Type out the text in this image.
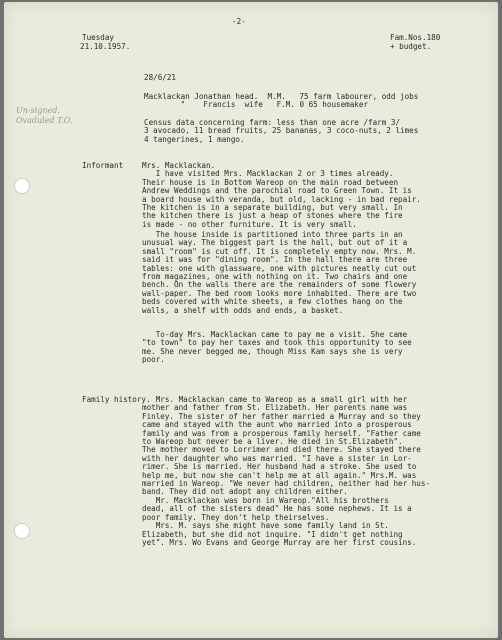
Tuesday

21.10.1957.

-2-

Fam.Nos.180

+ budget.

28/6/21

Un-signed.
Ovaduled T.O.

Macklackan Jonathan head.  M.M.   75 farm labourer, odd jobs
"    Francis  wife   F.M. 0 65 housemaker

Census data concerning farm: less than one acre /farm 3/
3 avocado, 11 bread fruits, 25 bananas, 3 coco-nuts, 2 limes
4 tangerines, 1 mango.

Informant Mrs. Macklackan.
I have visited Mrs. Macklackan 2 or 3 times already.
Their house is in Bottom Wareop on the main road between
Andrew Weddings and the parochial road to Green Town. It is
a board house with veranda, but old, lacking - in bad repair.
The kitchen is in a separate building, but very small. In
the kitchen there is just a heap of stones where the fire
is made - no other furniture. It is very small.

The house inside is partitioned into three parts in an
unusual way. The biggest part is the hall, but out of it a
small "room" is cut off. It is completely empty now. Mrs. M.
said it was for "dining room". In the hall there are three
tables: one with glassware, one with pictures neatly cut out
from magazines, one with nothing on it. Two chairs and one
bench. On the walls there are the remainders of some flowery
wall-paper. The bed room looks more inhabited. There are two
beds covered with white sheets, a few clothes hang on the
walls, a shelf with odds and ends, a basket.

To-day Mrs. Macklackan came to pay me a visit. She came
"to town" to pay her taxes and took this opportunity to see
me. She never begged me, though Miss Kam says she is very
poor.

Family history. Mrs. Macklackan came to Wareop as a small girl with her
mother and father from St. Elizabeth. Her parents name was
Finley. The sister of her father married a Murray and so they
came and stayed with the aunt who married into a prosperous
family and was from a prosperous family herself. "Father came
to Wareop but never be a liver. He died in St.Elizabeth".
The mother moved to Lorrimer and died there. She stayed there
with her daughter who was married. "I have a sister in Lor-
rimer. She is married. Her husband had a stroke. She used to
help me, but now she can't help me at all again." Mrs.M. was
married in Wareop. "We never had children, neither had her hus-
band. They did not adopt any children either.
Mr. Macklackan was born in Wareop."All his brothers
dead, all of the sisters dead" He has some nephews. It is a
poor family. They don't help theirselves.
Mrs. M. says she might have some family land in St.
Elizabeth, but she did not inquire. "I didn't get nothing
yet". Mrs. Wo Evans and George Murray are her first cousins.
